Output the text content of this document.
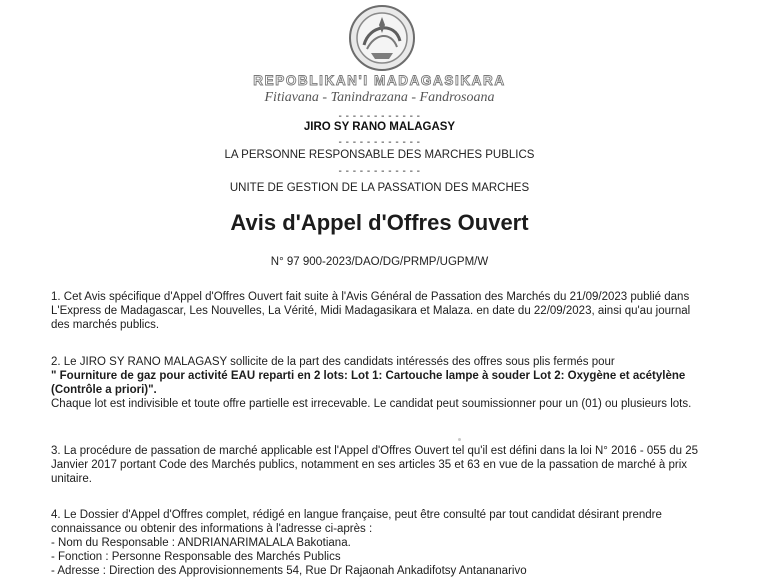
REPOBLIKAN'I MADAGASIKARA
Fitiavana - Tanindrazana - Fandrosoana
- - - - - - - - - - - -
JIRO SY RANO MALAGASY
- - - - - - - - - - - -
LA PERSONNE RESPONSABLE DES MARCHES PUBLICS
- - - - - - - - - - - -
UNITE DE GESTION DE LA PASSATION DES MARCHES
Avis d'Appel d'Offres Ouvert
N° 97 900-2023/DAO/DG/PRMP/UGPM/W
1. Cet Avis spécifique d'Appel d'Offres Ouvert fait suite à l'Avis Général de Passation des Marchés du 21/09/2023 publié dans L'Express de Madagascar, Les Nouvelles, La Vérité, Midi Madagasikara et Malaza. en date du 22/09/2023, ainsi qu'au journal des marchés publics.
2. Le JIRO SY RANO MALAGASY sollicite de la part des candidats intéressés des offres sous plis fermés pour
" Fourniture de gaz pour activité EAU reparti en 2 lots: Lot 1: Cartouche lampe à souder Lot 2: Oxygène et acétylène (Contrôle a priori)".
Chaque lot est indivisible et toute offre partielle est irrecevable. Le candidat peut soumissionner pour un (01) ou plusieurs lots.
3. La procédure de passation de marché applicable est l'Appel d'Offres Ouvert tel qu'il est défini dans la loi N° 2016 - 055 du 25 Janvier 2017 portant Code des Marchés publics, notamment en ses articles 35 et 63 en vue de la passation de marché à prix unitaire.
4. Le Dossier d'Appel d'Offres complet, rédigé en langue française, peut être consulté par tout candidat désirant prendre connaissance ou obtenir des informations à l'adresse ci-après :
- Nom du Responsable : ANDRIANARIMALALA Bakotiana.
- Fonction : Personne Responsable des Marchés Publics
- Adresse : Direction des Approvisionnements 54, Rue Dr Rajaonah Ankadifotsy Antananarivo
